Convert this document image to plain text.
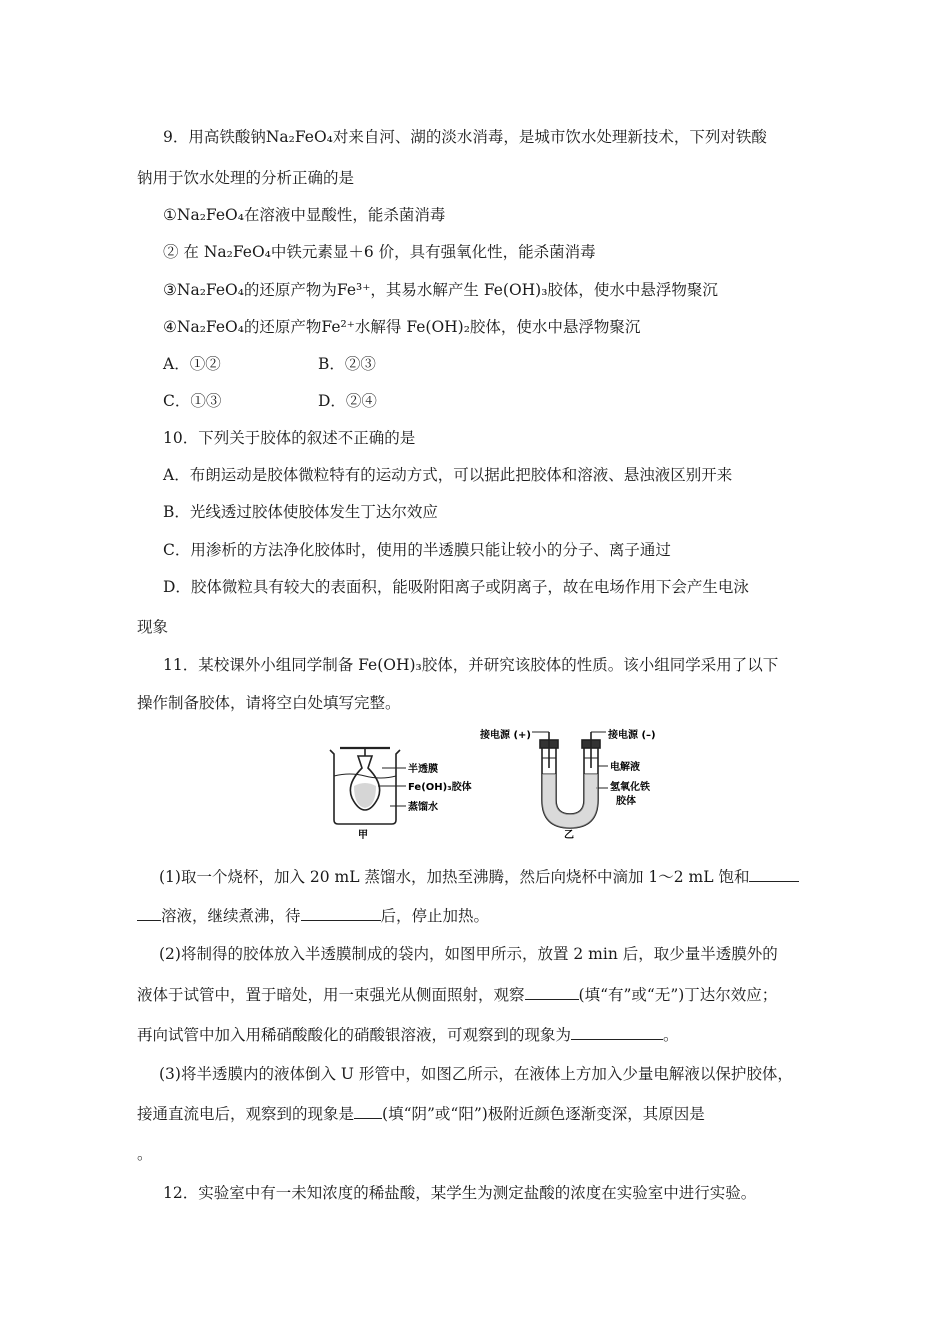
9．用高铁酸钠Na₂FeO₄对来自河、湖的淡水消毒，是城市饮水处理新技术，下列对铁酸
钠用于饮水处理的分析正确的是
①Na₂FeO₄在溶液中显酸性，能杀菌消毒
② 在 Na₂FeO₄中铁元素显＋6 价，具有强氧化性，能杀菌消毒
③Na₂FeO₄的还原产物为Fe³⁺，其易水解产生 Fe(OH)₃胶体，使水中悬浮物聚沉
④Na₂FeO₄的还原产物Fe²⁺水解得 Fe(OH)₂胶体，使水中悬浮物聚沉
A．①②	B．②③
C．①③	D．②④
10．下列关于胶体的叙述不正确的是
A．布朗运动是胶体微粒特有的运动方式，可以据此把胶体和溶液、悬浊液区别开来
B．光线透过胶体使胶体发生丁达尔效应
C．用渗析的方法净化胶体时，使用的半透膜只能让较小的分子、离子通过
D．胶体微粒具有较大的表面积，能吸附阳离子或阴离子，故在电场作用下会产生电泳
现象
11．某校课外小组同学制备 Fe(OH)₃胶体，并研究该胶体的性质。该小组同学采用了以下
操作制备胶体，请将空白处填写完整。
半透膜
Fe(OH)₃胶体
蒸馏水
甲
接电源 (+)	接电源 (–)
电解液
氢氧化铁
胶体
乙
(1)取一个烧杯，加入 20 mL 蒸馏水，加热至沸腾，然后向烧杯中滴加 1～2 mL 饱和
溶液，继续煮沸，待	后，停止加热。
(2)将制得的胶体放入半透膜制成的袋内，如图甲所示，放置 2 min 后，取少量半透膜外的
液体于试管中，置于暗处，用一束强光从侧面照射，观察	(填“有”或“无”)丁达尔效应；
再向试管中加入用稀硝酸酸化的硝酸银溶液，可观察到的现象为	。
(3)将半透膜内的液体倒入 U 形管中，如图乙所示，在液体上方加入少量电解液以保护胶体，
接通直流电后，观察到的现象是 (填“阴”或“阳”)极附近颜色逐渐变深，其原因是
。
12．实验室中有一未知浓度的稀盐酸，某学生为测定盐酸的浓度在实验室中进行实验。
